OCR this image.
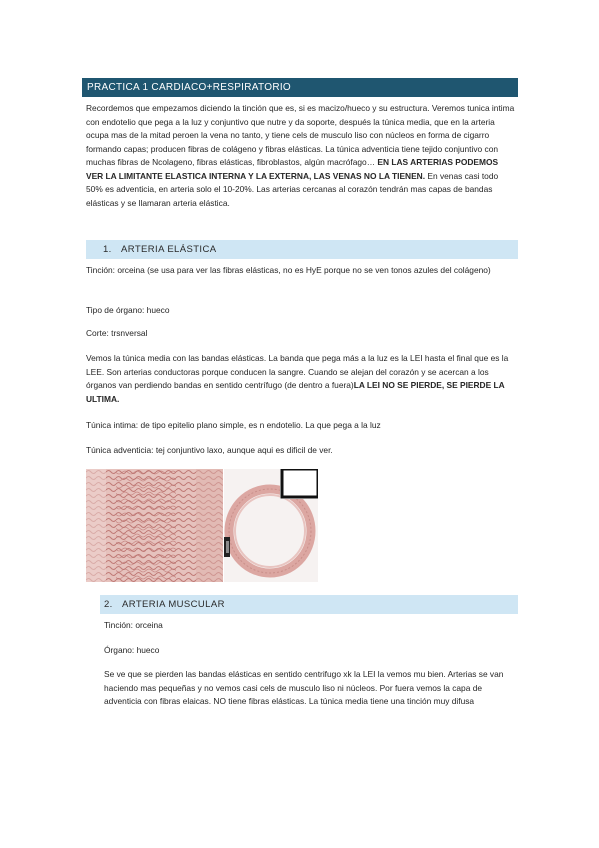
PRACTICA 1 CARDIACO+RESPIRATORIO

Recordemos que empezamos diciendo la tinción que es, si es macizo/hueco y su estructura. Veremos tunica intima con endotelio que pega a la luz y conjuntivo que nutre y da soporte, después la túnica media, que en la arteria ocupa mas de la mitad peroen la vena no tanto, y tiene cels de musculo liso con núcleos en forma de cigarro formando capas; producen fibras de colágeno y fibras elásticas. La túnica adventicia tiene tejido conjuntivo con muchas fibras de Ncolageno, fibras elásticas, fibroblastos, algún macrófago… EN LAS ARTERIAS PODEMOS VER LA LIMITANTE ELASTICA INTERNA Y LA EXTERNA, LAS VENAS NO LA TIENEN. En venas casi todo 50% es adventicia, en arteria solo el 10-20%. Las arterias cercanas al corazón tendrán mas capas de bandas elásticas y se llamaran arteria elástica.

1. ARTERIA ELÁSTICA

Tinción: orceina (se usa para ver las fibras elásticas, no es HyE porque no se ven tonos azules del colágeno)

Tipo de órgano: hueco

Corte: trsnversal

Vemos la túnica media con las bandas elásticas. La banda que pega más a la luz es la LEI hasta el final que es la LEE. Son arterias conductoras porque conducen la sangre. Cuando se alejan del corazón y se acercan a los órganos van perdiendo bandas en sentido centrífugo (de dentro a fuera)LA LEI NO SE PIERDE, SE PIERDE LA ULTIMA.

Túnica intima: de tipo epitelio plano simple, es n endotelio. La que pega a la luz

Túnica adventicia: tej conjuntivo laxo, aunque aqui es dificil de ver.

2. ARTERIA MUSCULAR

Tinción: orceina

Órgano: hueco

Se ve que se pierden las bandas elásticas en sentido centrifugo xk la LEI la vemos mu bien. Arterias se van haciendo mas pequeñas y no vemos casi cels de musculo liso ni núcleos. Por fuera vemos la capa de adventicia con fibras elaicas. NO tiene fibras elásticas. La túnica media tiene una tinción muy difusa
